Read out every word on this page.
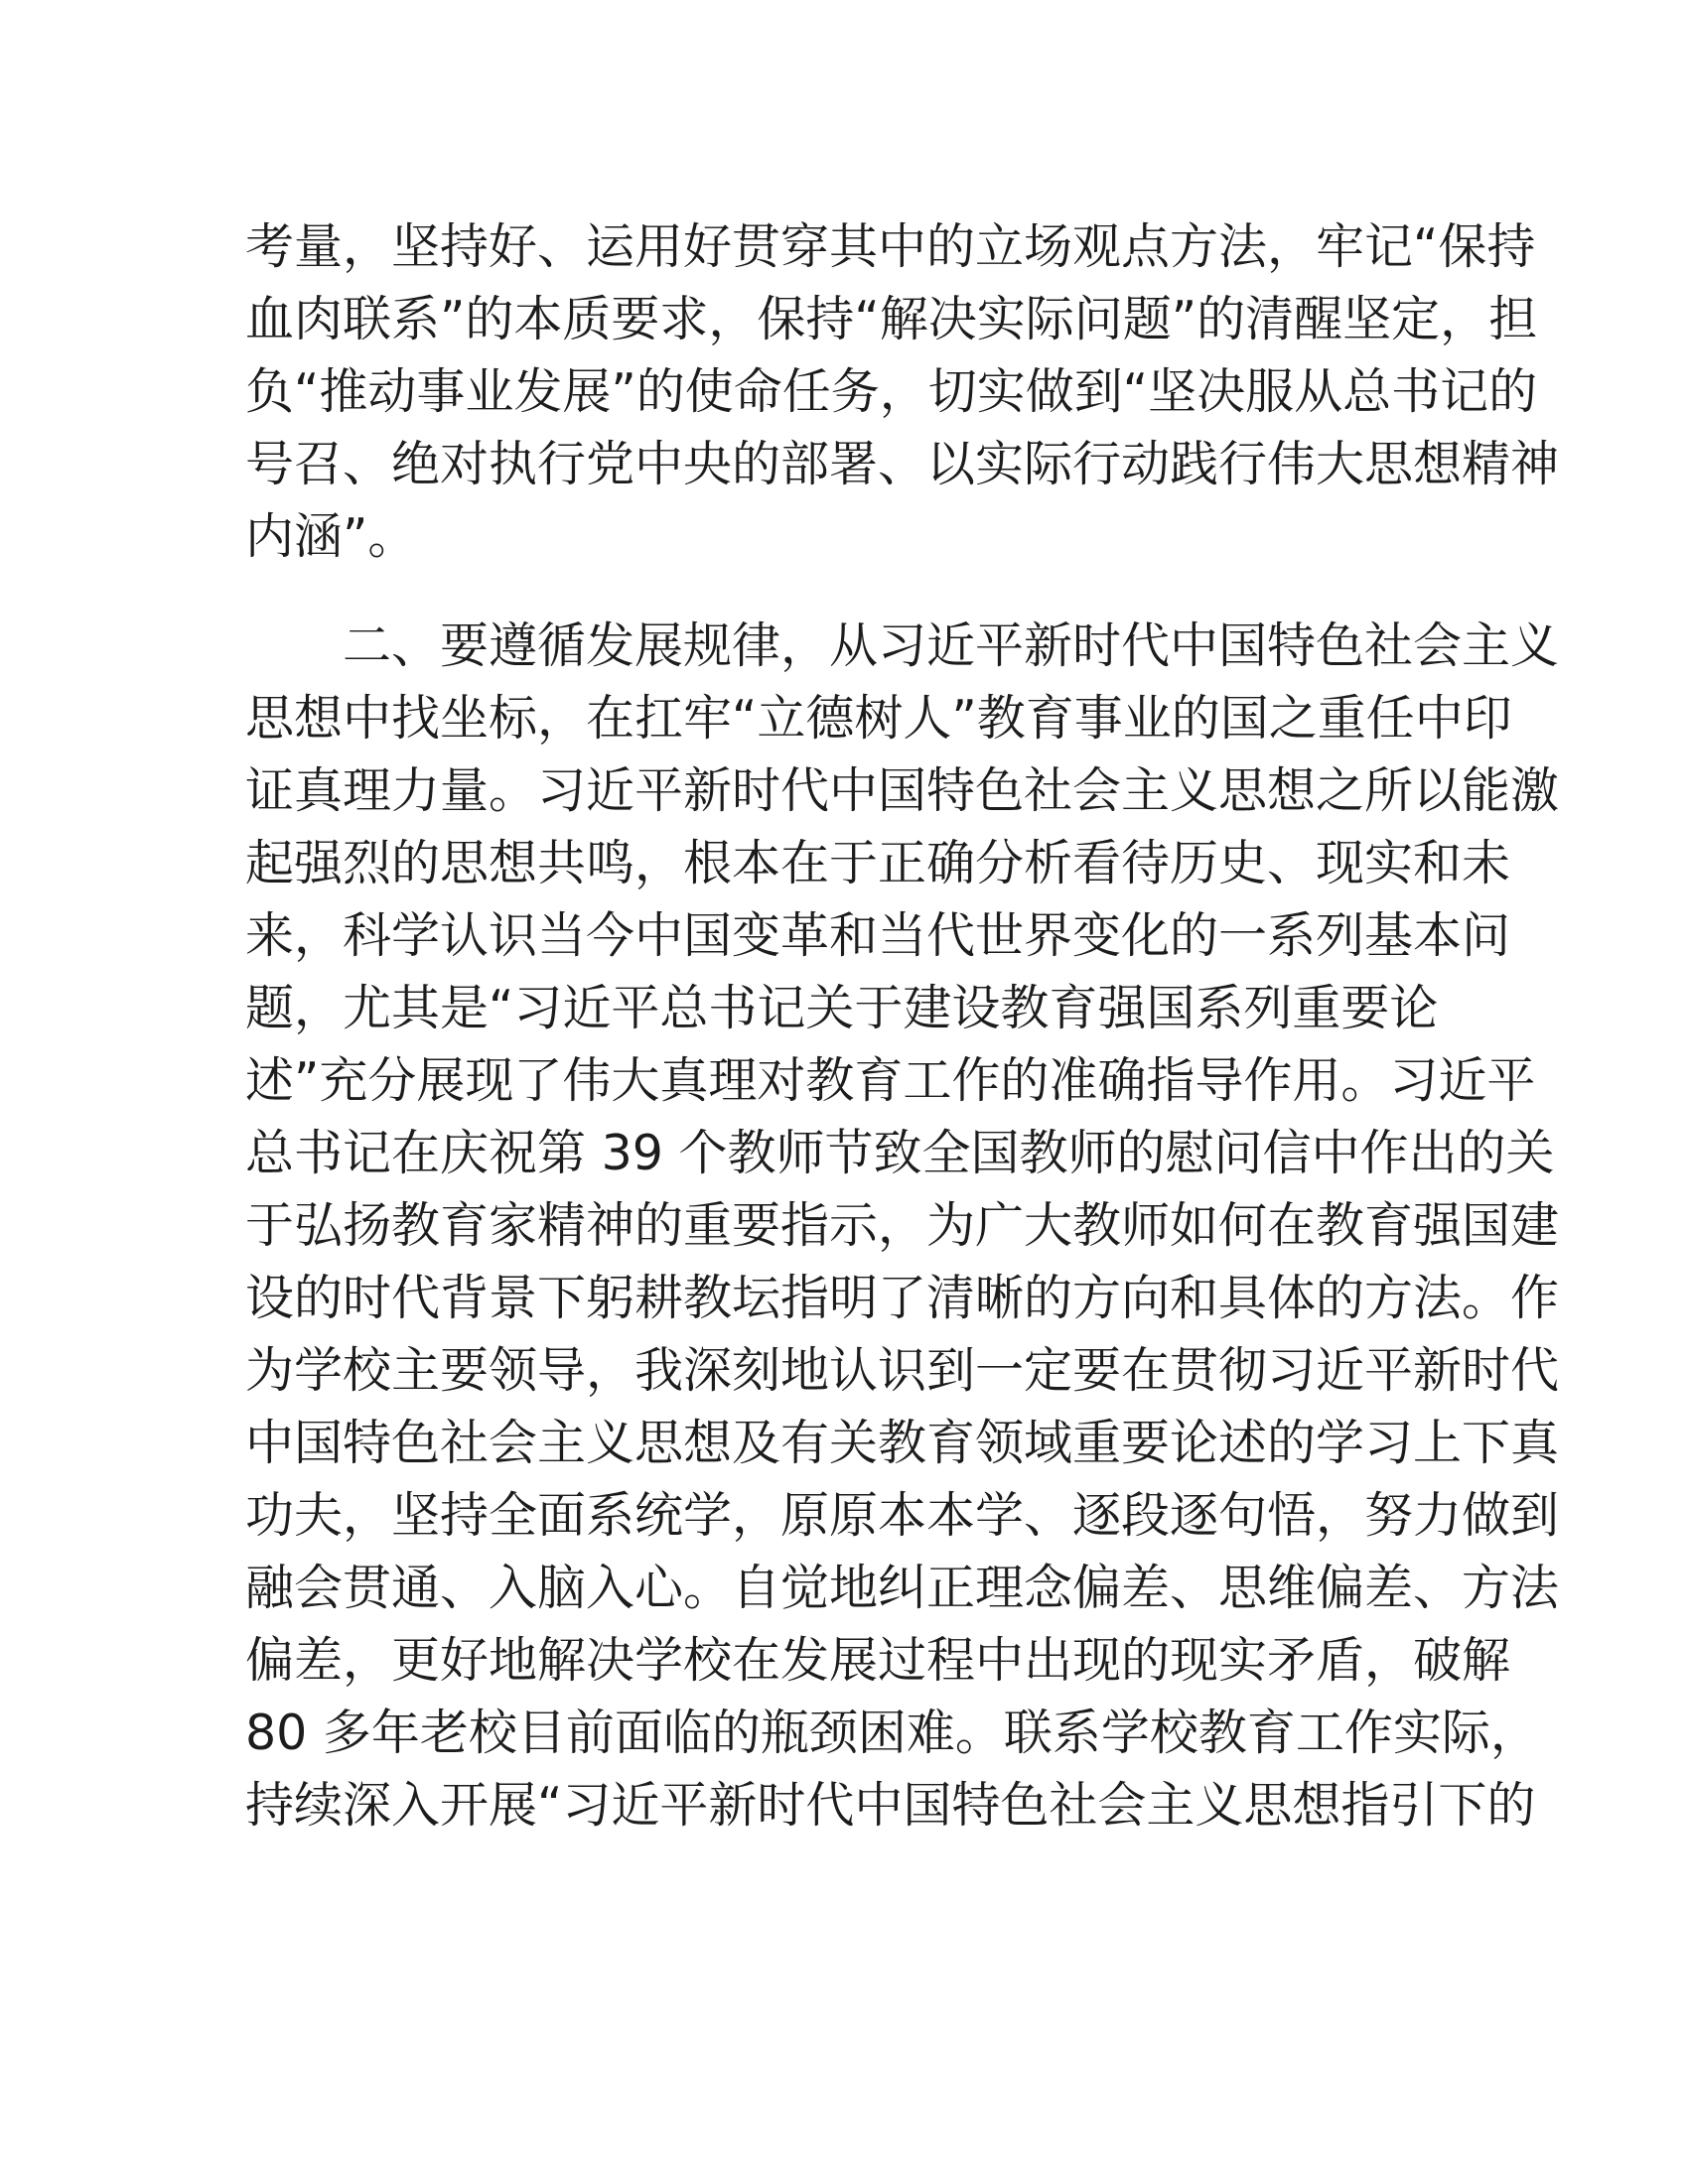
考量，坚持好、运用好贯穿其中的立场观点方法，牢记“保持
血肉联系”的本质要求，保持“解决实际问题”的清醒坚定，担
负“推动事业发展”的使命任务，切实做到“坚决服从总书记的
号召、绝对执行党中央的部署、以实际行动践行伟大思想精神
内涵”。
二、要遵循发展规律，从习近平新时代中国特色社会主义
思想中找坐标，在扛牢“立德树人”教育事业的国之重任中印
证真理力量。习近平新时代中国特色社会主义思想之所以能激
起强烈的思想共鸣，根本在于正确分析看待历史、现实和未
来，科学认识当今中国变革和当代世界变化的一系列基本问
题，尤其是“习近平总书记关于建设教育强国系列重要论
述”充分展现了伟大真理对教育工作的准确指导作用。习近平
总书记在庆祝第 39 个教师节致全国教师的慰问信中作出的关
于弘扬教育家精神的重要指示，为广大教师如何在教育强国建
设的时代背景下躬耕教坛指明了清晰的方向和具体的方法。作
为学校主要领导，我深刻地认识到一定要在贯彻习近平新时代
中国特色社会主义思想及有关教育领域重要论述的学习上下真
功夫，坚持全面系统学，原原本本学、逐段逐句悟，努力做到
融会贯通、入脑入心。自觉地纠正理念偏差、思维偏差、方法
偏差，更好地解决学校在发展过程中出现的现实矛盾，破解
80 多年老校目前面临的瓶颈困难。联系学校教育工作实际，
持续深入开展“习近平新时代中国特色社会主义思想指引下的
